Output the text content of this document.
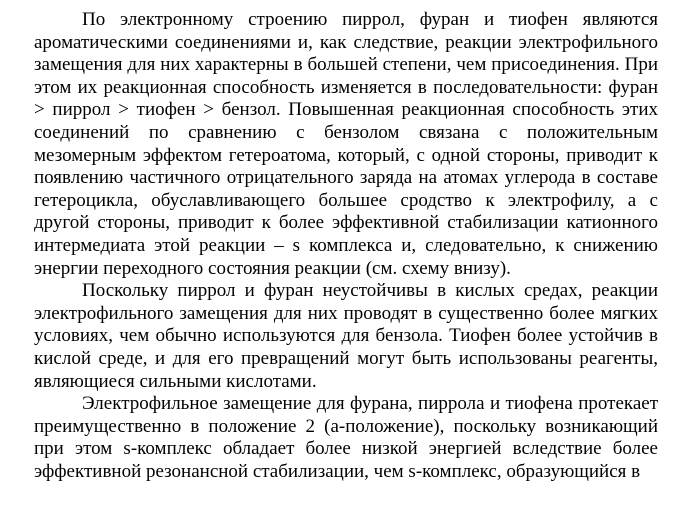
По электронному строению пиррол, фуран и тиофен являются ароматическими соединениями и, как следствие, реакции электрофильного замещения для них характерны в большей степени, чем присоединения. При этом их реакционная способность изменяется в последовательности: фуран > пиррол > тиофен > бензол. Повышенная реакционная способность этих соединений по сравнению с бензолом связана с положительным мезомерным эффектом гетероатома, который, с одной стороны, приводит к появлению частичного отрицательного заряда на атомах углерода в составе гетероцикла, обуславливающего большее сродство к электрофилу, а с другой стороны, приводит к более эффективной стабилизации катионного интермедиата этой реакции – s комплекса и, следовательно, к снижению энергии переходного состояния реакции (см. схему внизу).

Поскольку пиррол и фуран неустойчивы в кислых средах, реакции электрофильного замещения для них проводят в существенно более мягких условиях, чем обычно используются для бензола. Тиофен более устойчив в кислой среде, и для его превращений могут быть использованы реагенты, являющиеся сильными кислотами.

Электрофильное замещение для фурана, пиррола и тиофена протекает преимущественно в положение 2 (a-положение), поскольку возникающий при этом s-комплекс обладает более низкой энергией вследствие более эффективной резонансной стабилизации, чем s-комплекс, образующийся в
